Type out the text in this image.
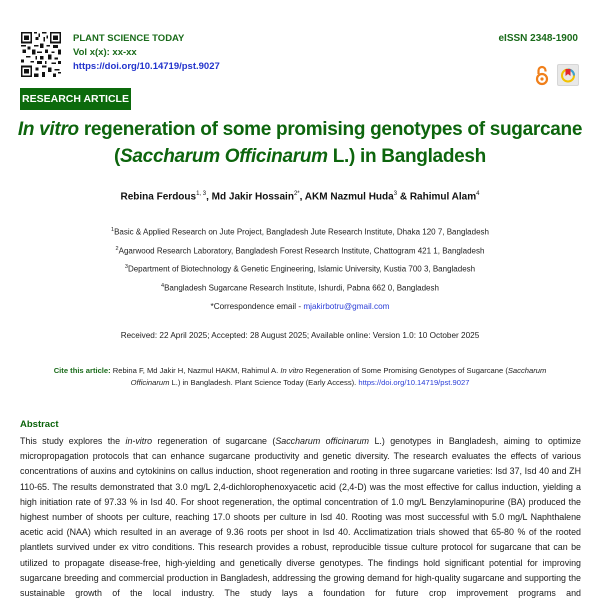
PLANT SCIENCE TODAY
Vol x(x): xx-xx
https://doi.org/10.14719/pst.9027
eISSN 2348-1900
RESEARCH ARTICLE
In vitro regeneration of some promising genotypes of sugarcane
(Saccharum Officinarum L.) in Bangladesh
Rebina Ferdous$^{1, 3}$, Md Jakir Hossain$^{2*}$, AKM Nazmul Huda$^3$ & Rahimul Alam$^4$
$^1$Basic & Applied Research on Jute Project, Bangladesh Jute Research Institute, Dhaka 120 7, Bangladesh
$^2$Agarwood Research Laboratory, Bangladesh Forest Research Institute, Chattogram 421 1, Bangladesh
$^3$Department of Biotechnology & Genetic Engineering, Islamic University, Kustia 700 3, Bangladesh
$^4$Bangladesh Sugarcane Research Institute, Ishurdi, Pabna 662 0, Bangladesh
*Correspondence email - mjakirbotru@gmail.com
Received: 22 April 2025; Accepted: 28 August 2025; Available online: Version 1.0: 10 October 2025
Cite this article: Rebina F, Md Jakir H, Nazmul HAKM, Rahimul A. In vitro Regeneration of Some Promising Genotypes of Sugarcane (Saccharum Officinarum L.) in Bangladesh. Plant Science Today (Early Access). https://doi.org/10.14719/pst.9027
Abstract

This study explores the in-vitro regeneration of sugarcane (Saccharum officinarum L.) genotypes in Bangladesh, aiming to optimize micropropagation protocols that can enhance sugarcane productivity and genetic diversity. The research evaluates the effects of various concentrations of auxins and cytokinins on callus induction, shoot regeneration and rooting in three sugarcane varieties: Isd 37, Isd 40 and ZH 110-65. The results demonstrated that 3.0 mg/L 2,4-dichlorophenoxyacetic acid (2,4-D) was the most effective for callus induction, yielding a high initiation rate of 97.33 % in Isd 40. For shoot regeneration, the optimal concentration of 1.0 mg/L Benzylaminopurine (BA) produced the highest number of shoots per culture, reaching 17.0 shoots per culture in Isd 40. Rooting was most successful with 5.0 mg/L Naphthalene acetic acid (NAA) which resulted in an average of 9.36 roots per shoot in Isd 40. Acclimatization trials showed that 65-80 % of the rooted plantlets survived under ex vitro conditions. This research provides a robust, reproducible tissue culture protocol for sugarcane that can be utilized to propagate disease-free, high-yielding and genetically diverse genotypes. The findings hold significant potential for improving sugarcane breeding and commercial production in Bangladesh, addressing the growing demand for high-quality sugarcane and supporting the sustainable growth of the local industry. The study lays a foundation for future crop improvement programs and
